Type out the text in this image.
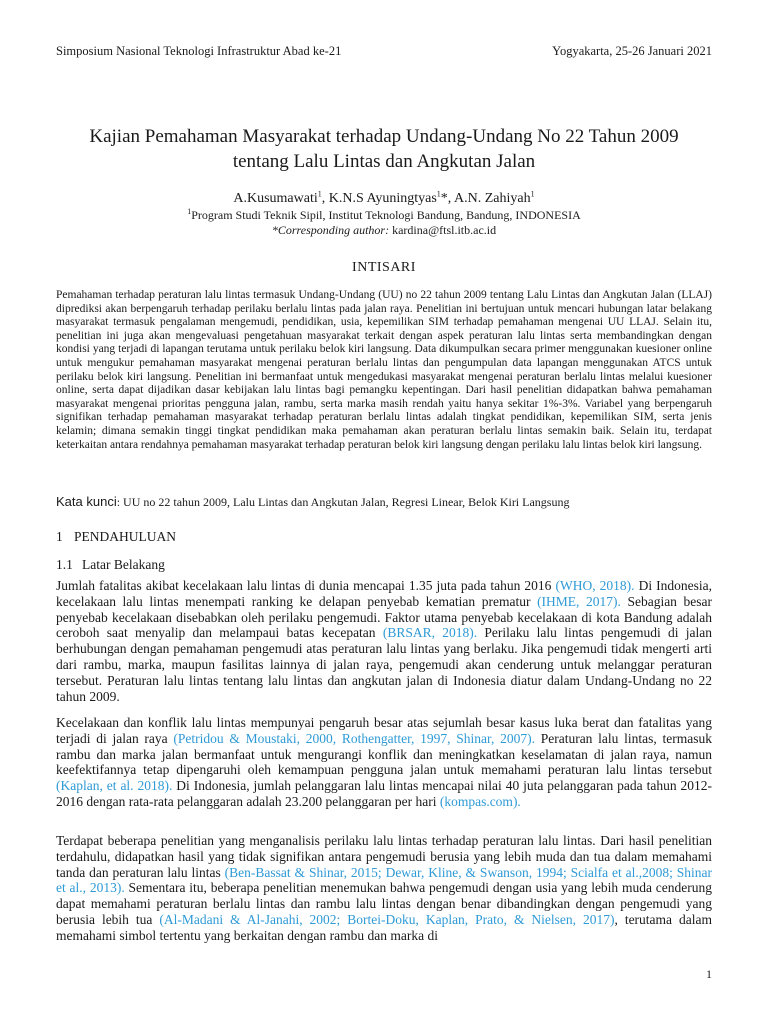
Simposium Nasional Teknologi Infrastruktur Abad ke-21	Yogyakarta, 25-26 Januari 2021
Kajian Pemahaman Masyarakat terhadap Undang-Undang No 22 Tahun 2009
tentang Lalu Lintas dan Angkutan Jalan
A.Kusumawati$^1$, K.N.S Ayuningtyas$^1$*, A.N. Zahiyah$^1$
$^1$Program Studi Teknik Sipil, Institut Teknologi Bandung, Bandung, INDONESIA
*Corresponding author: kardina@ftsl.itb.ac.id
INTISARI

Pemahaman terhadap peraturan lalu lintas termasuk Undang-Undang (UU) no 22 tahun 2009 tentang Lalu Lintas dan Angkutan Jalan (LLAJ) diprediksi akan berpengaruh terhadap perilaku berlalu lintas pada jalan raya. Penelitian ini bertujuan untuk mencari hubungan latar belakang masyarakat termasuk pengalaman mengemudi, pendidikan, usia, kepemilikan SIM terhadap pemahaman mengenai UU LLAJ. Selain itu, penelitian ini juga akan mengevaluasi pengetahuan masyarakat terkait dengan aspek peraturan lalu lintas serta membandingkan dengan kondisi yang terjadi di lapangan terutama untuk perilaku belok kiri langsung. Data dikumpulkan secara primer menggunakan kuesioner online untuk mengukur pemahaman masyarakat mengenai peraturan berlalu lintas dan pengumpulan data lapangan menggunakan ATCS untuk perilaku belok kiri langsung. Penelitian ini bermanfaat untuk mengedukasi masyarakat mengenai peraturan berlalu lintas melalui kuesioner online, serta dapat dijadikan dasar kebijakan lalu lintas bagi pemangku kepentingan. Dari hasil penelitian didapatkan bahwa pemahaman masyarakat mengenai prioritas pengguna jalan, rambu, serta marka masih rendah yaitu hanya sekitar 1%-3%. Variabel yang berpengaruh signifikan terhadap pemahaman masyarakat terhadap peraturan berlalu lintas adalah tingkat pendidikan, kepemilikan SIM, serta jenis kelamin; dimana semakin tinggi tingkat pendidikan maka pemahaman akan peraturan berlalu lintas semakin baik. Selain itu, terdapat keterkaitan antara rendahnya pemahaman masyarakat terhadap peraturan belok kiri langsung dengan perilaku lalu lintas belok kiri langsung.

Kata kunci: UU no 22 tahun 2009, Lalu Lintas dan Angkutan Jalan, Regresi Linear, Belok Kiri Langsung
1 PENDAHULUAN
1.1 Latar Belakang

Jumlah fatalitas akibat kecelakaan lalu lintas di dunia mencapai 1.35 juta pada tahun 2016 (WHO, 2018). Di Indonesia, kecelakaan lalu lintas menempati ranking ke delapan penyebab kematian prematur (IHME, 2017). Sebagian besar penyebab kecelakaan disebabkan oleh perilaku pengemudi. Faktor utama penyebab kecelakaan di kota Bandung adalah ceroboh saat menyalip dan melampaui batas kecepatan (BRSAR, 2018). Perilaku lalu lintas pengemudi di jalan berhubungan dengan pemahaman pengemudi atas peraturan lalu lintas yang berlaku. Jika pengemudi tidak mengerti arti dari rambu, marka, maupun fasilitas lainnya di jalan raya, pengemudi akan cenderung untuk melanggar peraturan tersebut. Peraturan lalu lintas tentang lalu lintas dan angkutan jalan di Indonesia diatur dalam Undang-Undang no 22 tahun 2009.

Kecelakaan dan konflik lalu lintas mempunyai pengaruh besar atas sejumlah besar kasus luka berat dan fatalitas yang terjadi di jalan raya (Petridou & Moustaki, 2000, Rothengatter, 1997, Shinar, 2007). Peraturan lalu lintas, termasuk rambu dan marka jalan bermanfaat untuk mengurangi konflik dan meningkatkan keselamatan di jalan raya, namun keefektifannya tetap dipengaruhi oleh kemampuan pengguna jalan untuk memahami peraturan lalu lintas tersebut (Kaplan, et al. 2018). Di Indonesia, jumlah pelanggaran lalu lintas mencapai nilai 40 juta pelanggaran pada tahun 2012-2016 dengan rata-rata pelanggaran adalah 23.200 pelanggaran per hari (kompas.com).

Terdapat beberapa penelitian yang menganalisis perilaku lalu lintas terhadap peraturan lalu lintas. Dari hasil penelitian terdahulu, didapatkan hasil yang tidak signifikan antara pengemudi berusia yang lebih muda dan tua dalam memahami tanda dan peraturan lalu lintas (Ben-Bassat & Shinar, 2015; Dewar, Kline, & Swanson, 1994; Scialfa et al.,2008; Shinar et al., 2013). Sementara itu, beberapa penelitian menemukan bahwa pengemudi dengan usia yang lebih muda cenderung dapat memahami peraturan berlalu lintas dan rambu lalu lintas dengan benar dibandingkan dengan pengemudi yang berusia lebih tua (Al-Madani & Al-Janahi, 2002; Bortei-Doku, Kaplan, Prato, & Nielsen, 2017), terutama dalam memahami simbol tertentu yang berkaitan dengan rambu dan marka di

1
